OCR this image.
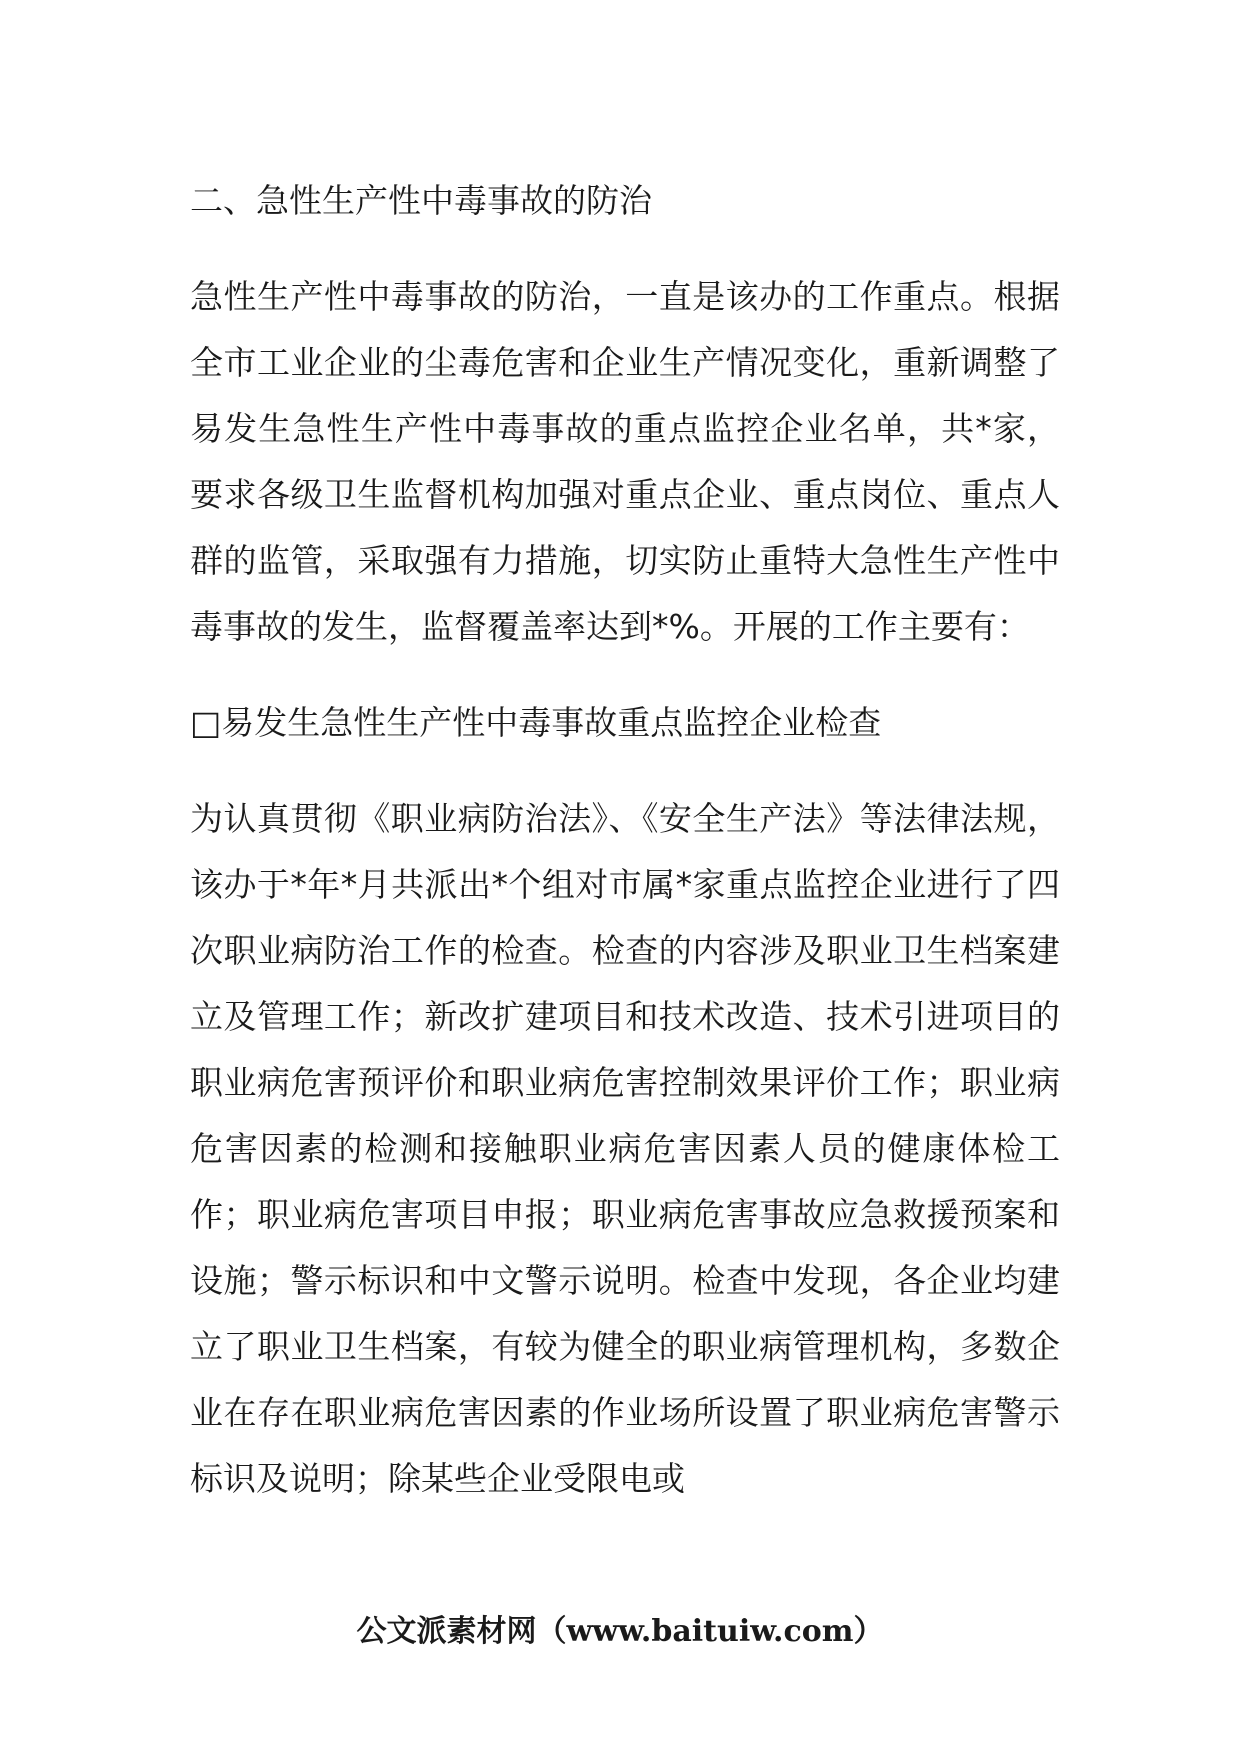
二、急性生产性中毒事故的防治

急性生产性中毒事故的防治，一直是该办的工作重点。根据全市工业企业的尘毒危害和企业生产情况变化，重新调整了易发生急性生产性中毒事故的重点监控企业名单，共*家，要求各级卫生监督机构加强对重点企业、重点岗位、重点人群的监管，采取强有力措施，切实防止重特大急性生产性中毒事故的发生，监督覆盖率达到*%。开展的工作主要有：

□易发生急性生产性中毒事故重点监控企业检查

为认真贯彻《职业病防治法》、《安全生产法》等法律法规，该办于*年*月共派出*个组对市属*家重点监控企业进行了四次职业病防治工作的检查。检查的内容涉及职业卫生档案建立及管理工作；新改扩建项目和技术改造、技术引进项目的职业病危害预评价和职业病危害控制效果评价工作；职业病危害因素的检测和接触职业病危害因素人员的健康体检工作；职业病危害项目申报；职业病危害事故应急救援预案和设施；警示标识和中文警示说明。检查中发现，各企业均建立了职业卫生档案，有较为健全的职业病管理机构，多数企业在存在职业病危害因素的作业场所设置了职业病危害警示标识及说明；除某些企业受限电或

公文派素材网（www.baituiw.com）
